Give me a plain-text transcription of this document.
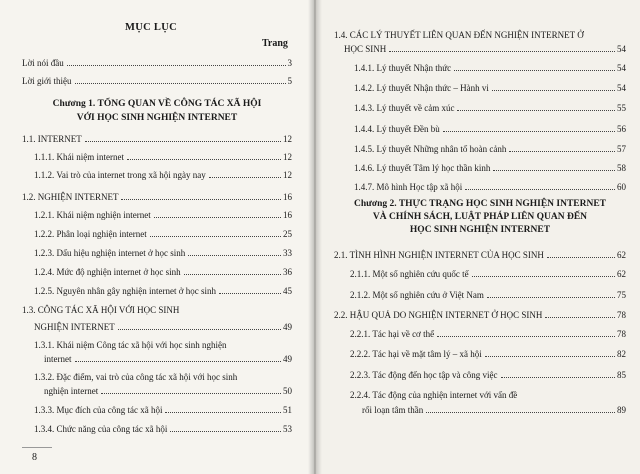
MỤC LỤC
Trang
Lời nói đầu	3
Lời giới thiệu	5
Chương 1. TỔNG QUAN VỀ CÔNG TÁC XÃ HỘI
VỚI HỌC SINH NGHIỆN INTERNET
1.1. INTERNET	12
1.1.1. Khái niệm internet	12
1.1.2. Vai trò của internet trong xã hội ngày nay	12
1.2. NGHIỆN INTERNET	16
1.2.1. Khái niệm nghiện internet	16
1.2.2. Phân loại nghiện internet	25
1.2.3. Dấu hiệu nghiện internet ở học sinh	33
1.2.4. Mức độ nghiện internet ở học sinh	36
1.2.5. Nguyên nhân gây nghiện internet ở học sinh	45
1.3. CÔNG TÁC XÃ HỘI VỚI HỌC SINH
NGHIỆN INTERNET	49
1.3.1. Khái niệm Công tác xã hội với học sinh nghiện
internet	49
1.3.2. Đặc điểm, vai trò của công tác xã hội với học sinh
nghiện internet	50
1.3.3. Mục đích của công tác xã hội	51
1.3.4. Chức năng của công tác xã hội	53
8
1.4. CÁC LÝ THUYẾT LIÊN QUAN ĐẾN NGHIỆN INTERNET Ở
HỌC SINH	54
1.4.1. Lý thuyết Nhận thức	54
1.4.2. Lý thuyết Nhận thức – Hành vi	54
1.4.3. Lý thuyết về cảm xúc	55
1.4.4. Lý thuyết Đền bù	56
1.4.5. Lý thuyết Những nhân tố hoàn cảnh	57
1.4.6. Lý thuyết Tâm lý học thần kinh	58
1.4.7. Mô hình Học tập xã hội	60
Chương 2. THỰC TRẠNG HỌC SINH NGHIỆN INTERNET
VÀ CHÍNH SÁCH, LUẬT PHÁP LIÊN QUAN ĐẾN
HỌC SINH NGHIỆN INTERNET
2.1. TÌNH HÌNH NGHIỆN INTERNET CỦA HỌC SINH	62
2.1.1. Một số nghiên cứu quốc tế	62
2.1.2. Một số nghiên cứu ở Việt Nam	75
2.2. HẬU QUẢ DO NGHIỆN INTERNET Ở HỌC SINH	78
2.2.1. Tác hại về cơ thể	78
2.2.2. Tác hại về mặt tâm lý – xã hội	82
2.2.3. Tác động đến học tập và công việc	85
2.2.4. Tác động của nghiện internet với vấn đề
rối loạn tâm thần	89
